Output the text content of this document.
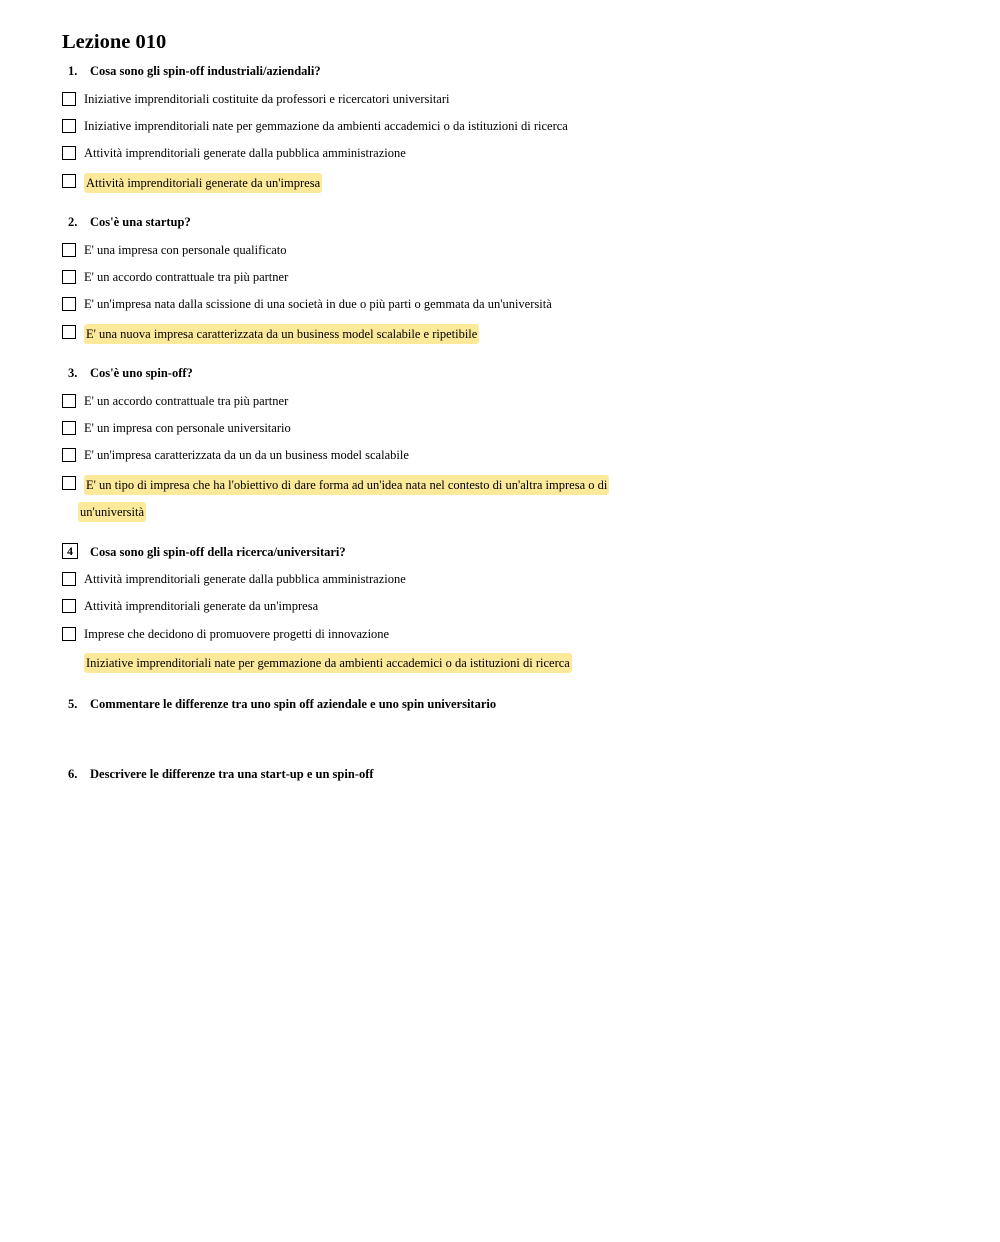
Lezione 010
1.	Cosa sono gli spin-off industriali/aziendali?
Iniziative imprenditoriali costituite da professori e ricercatori universitari
Iniziative imprenditoriali nate per gemmazione da ambienti accademici o da istituzioni di ricerca
Attività imprenditoriali generate dalla pubblica amministrazione
Attività imprenditoriali generate da un'impresa
2.	Cos'è una startup?
E' una impresa con personale qualificato
E' un accordo contrattuale tra più partner
E' un'impresa nata dalla scissione di una società in due o più parti o gemmata da un'università
E' una nuova impresa caratterizzata da un business model scalabile e ripetibile
3.	Cos'è uno spin-off?
E' un accordo contrattuale tra più partner
E' un impresa con personale universitario
E' un'impresa caratterizzata da un da un business model scalabile
E' un tipo di impresa che ha l'obiettivo di dare forma ad un'idea nata nel contesto di un'altra impresa o di
un'università
4	Cosa sono gli spin-off della ricerca/universitari?
Attività imprenditoriali generate dalla pubblica amministrazione
Attività imprenditoriali generate da un'impresa
Imprese che decidono di promuovere progetti di innovazione
Iniziative imprenditoriali nate per gemmazione da ambienti accademici o da istituzioni di ricerca
5.	Commentare le differenze tra uno spin off aziendale e uno spin universitario
6.	Descrivere le differenze tra una start-up e un spin-off
